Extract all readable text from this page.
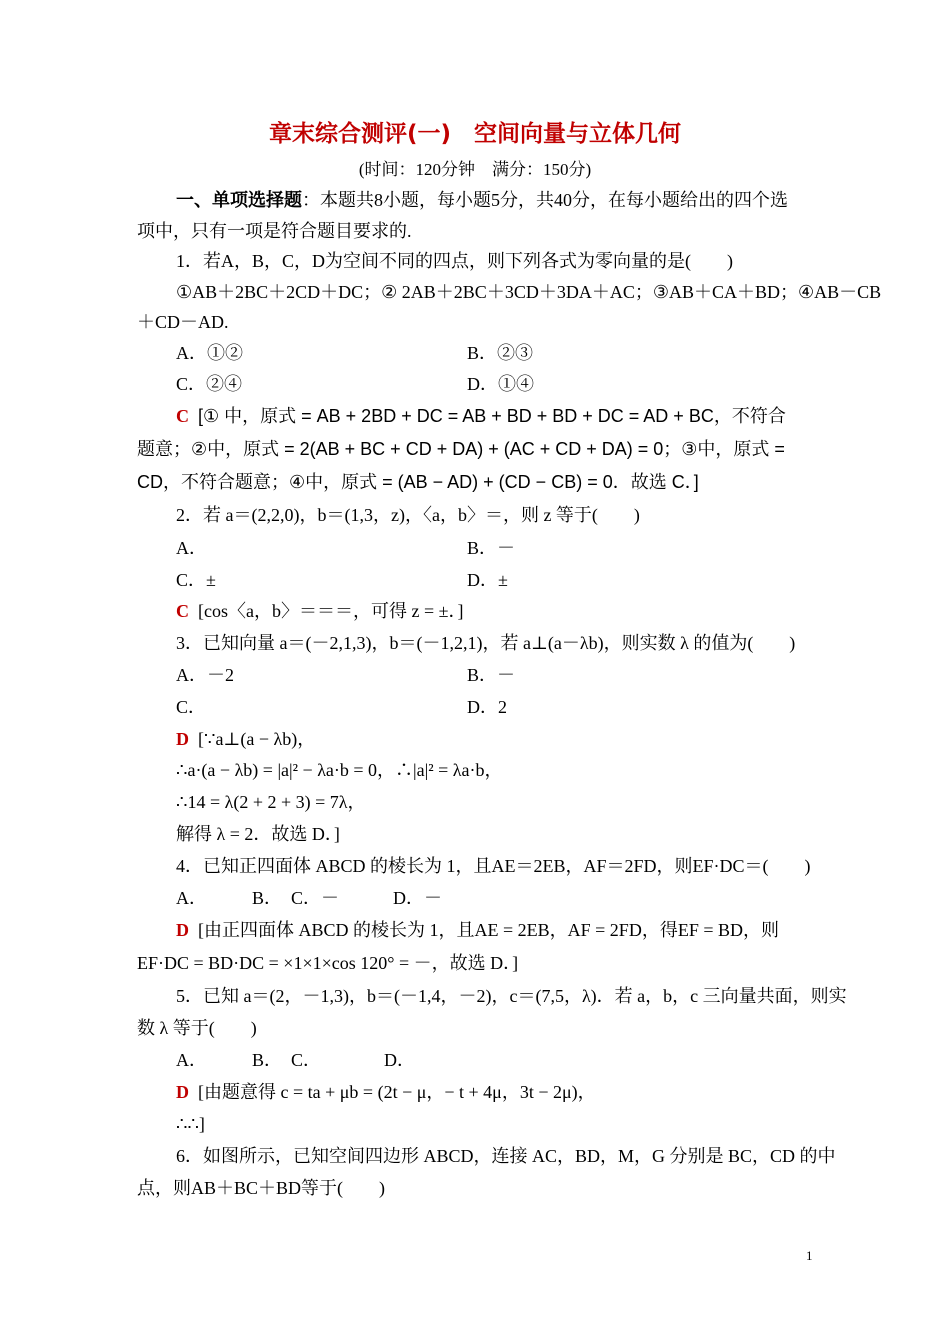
章末综合测评(一)　空间向量与立体几何
(时间：120分钟　满分：150分)
一、单项选择题：本题共8小题，每小题5分，共40分，在每小题给出的四个选
项中，只有一项是符合题目要求的.
1．若A，B，C，D为空间不同的四点，则下列各式为零向量的是(　　)
①AB＋2BC＋2CD＋DC；② 2AB＋2BC＋3CD＋3DA＋AC；③AB＋CA＋BD；④AB－CB
＋CD－AD.
A．①②	B．②③
C．②④	D．①④
C [① 中，原式 = AB + 2BD + DC = AB + BD + BD + DC = AD + BC，不符合
题意；②中，原式 = 2(AB + BC + CD + DA) + (AC + CD + DA) = 0；③中，原式 =
CD，不符合题意；④中，原式 = (AB − AD) + (CD − CB) = 0．故选 C．]
2．若 a＝(2,2,0)，b＝(1,3，z)，〈a，b〉＝，则 z 等于(　　)
A．	B．－
C．±	D．±
C [cos〈a，b〉＝＝＝，可得 z = ±．]
3．已知向量 a＝(－2,1,3)，b＝(－1,2,1)，若 a⊥(a－λb)，则实数 λ 的值为(　　)
A．－2	B．－
C．	D．2
D [∵a⊥(a − λb)，
∴a·(a − λb) = |a|² − λa·b = 0，∴|a|² = λa·b，
∴14 = λ(2 + 2 + 3) = 7λ，
解得 λ = 2．故选 D．]
4．已知正四面体 ABCD 的棱长为 1，且AE＝2EB，AF＝2FD，则EF·DC＝(　　)
A．　　　B．　C．－　　　D．－
D [由正四面体 ABCD 的棱长为 1，且AE = 2EB，AF = 2FD，得EF = BD，则
EF·DC = BD·DC = ×1×1×cos 120° = －，故选 D．]
5．已知 a＝(2，－1,3)，b＝(－1,4，－2)，c＝(7,5，λ)．若 a，b，c 三向量共面，则实
数 λ 等于(　　)
A．　　　B．　C．　　　　D．
D [由题意得 c = ta + μb = (2t − μ，− t + 4μ，3t − 2μ)，
∴∴]
6．如图所示，已知空间四边形 ABCD，连接 AC，BD，M，G 分别是 BC，CD 的中
点，则AB＋BC＋BD等于(　　)
1
